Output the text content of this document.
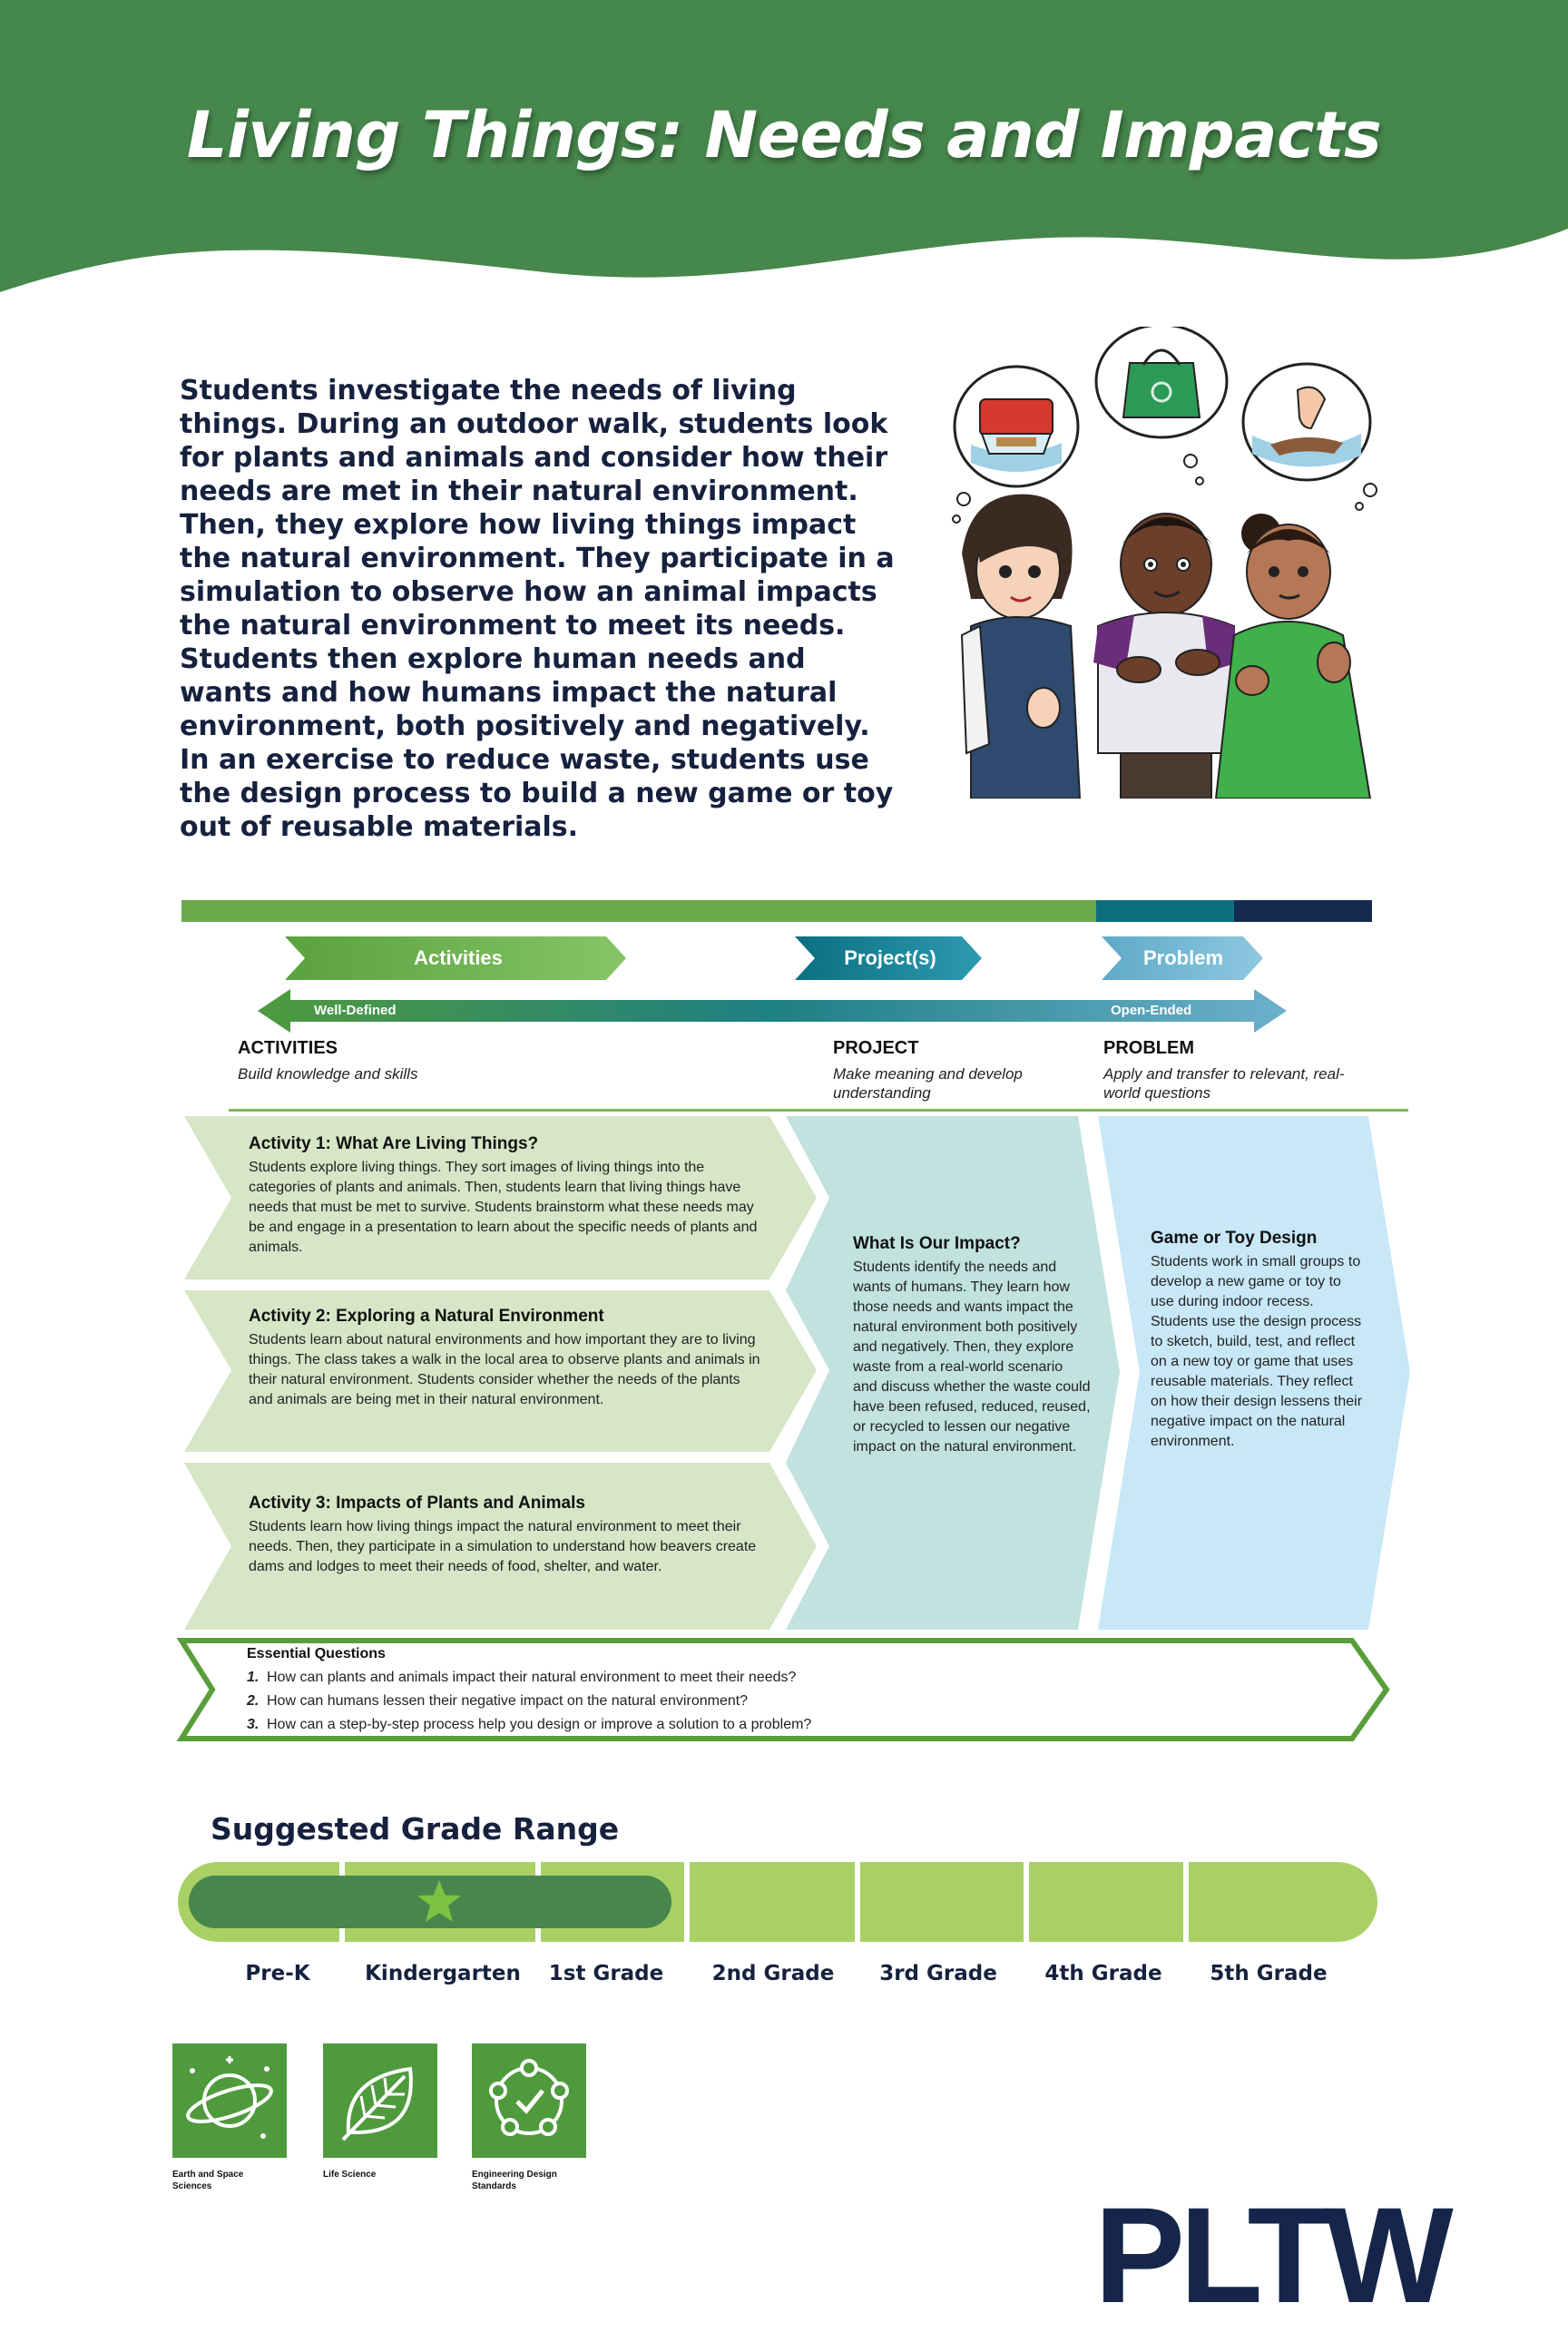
Living Things: Needs and Impacts
Students investigate the needs of living things. During an outdoor walk, students look for plants and animals and consider how their needs are met in their natural environment. Then, they explore how living things impact the natural environment. They participate in a simulation to observe how an animal impacts the natural environment to meet its needs. Students then explore human needs and wants and how humans impact the natural environment, both positively and negatively. In an exercise to reduce waste, students use the design process to build a new game or toy out of reusable materials.
Activities	Project(s)	Problem
Well-Defined	Open-Ended
ACTIVITIES
Build knowledge and skills
PROJECT
Make meaning and develop understanding
PROBLEM
Apply and transfer to relevant, real-world questions
Activity 1: What Are Living Things?
Students explore living things. They sort images of living things into the categories of plants and animals. Then, students learn that living things have needs that must be met to survive. Students brainstorm what these needs may be and engage in a presentation to learn about the specific needs of plants and animals.
Activity 2: Exploring a Natural Environment
Students learn about natural environments and how important they are to living things. The class takes a walk in the local area to observe plants and animals in their natural environment. Students consider whether the needs of the plants and animals are being met in their natural environment.
Activity 3: Impacts of Plants and Animals
Students learn how living things impact the natural environment to meet their needs. Then, they participate in a simulation to understand how beavers create dams and lodges to meet their needs of food, shelter, and water.
What Is Our Impact?
Students identify the needs and wants of humans. They learn how those needs and wants impact the natural environment both positively and negatively. Then, they explore waste from a real-world scenario and discuss whether the waste could have been refused, reduced, reused, or recycled to lessen our negative impact on the natural environment.
Game or Toy Design
Students work in small groups to develop a new game or toy to use during indoor recess. Students use the design process to sketch, build, test, and reflect on a new toy or game that uses reusable materials. They reflect on how their design lessens their negative impact on the natural environment.
Essential Questions
1. How can plants and animals impact their natural environment to meet their needs?
2. How can humans lessen their negative impact on the natural environment?
3. How can a step-by-step process help you design or improve a solution to a problem?
Suggested Grade Range
Pre-K	Kindergarten	1st Grade	2nd Grade	3rd Grade	4th Grade	5th Grade
Earth and Space Sciences
Life Science	Engineering Design Standards	PLTW
